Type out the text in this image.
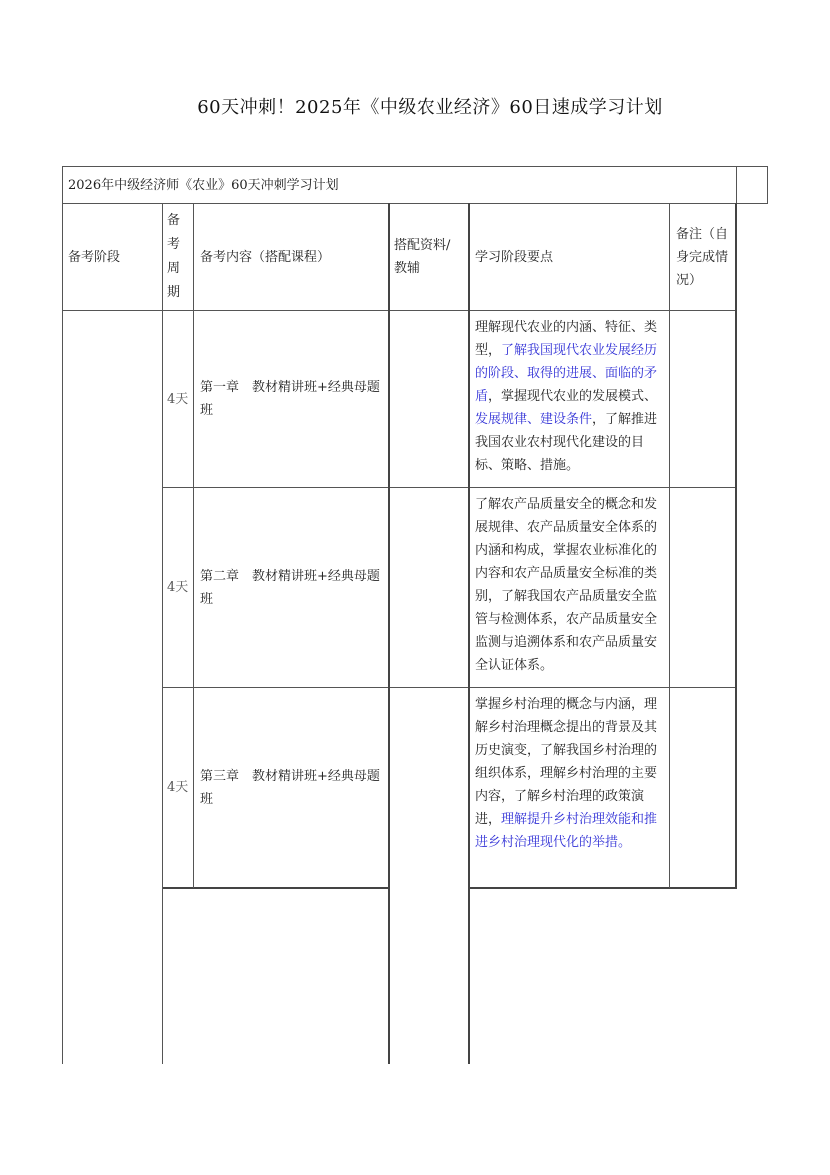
60天冲刺！2025年《中级农业经济》60日速成学习计划
2026年中级经济师《农业》60天冲刺学习计划
备考阶段
备考周期
备考内容（搭配课程）
搭配资料/教辅
学习阶段要点
备注（自身完成情况）
4天
第一章　教材精讲班+经典母题班
理解现代农业的内涵、特征、类型，了解我国现代农业发展经历的阶段、取得的进展、面临的矛盾，掌握现代农业的发展模式、发展规律、建设条件，了解推进我国农业农村现代化建设的目标、策略、措施。
4天
第二章　教材精讲班+经典母题班
了解农产品质量安全的概念和发展规律、农产品质量安全体系的内涵和构成，掌握农业标准化的内容和农产品质量安全标准的类别，了解我国农产品质量安全监管与检测体系，农产品质量安全监测与追溯体系和农产品质量安全认证体系。
4天
第三章　教材精讲班+经典母题班
掌握乡村治理的概念与内涵，理解乡村治理概念提出的背景及其历史演变，了解我国乡村治理的组织体系，理解乡村治理的主要内容，了解乡村治理的政策演进，理解提升乡村治理效能和推进乡村治理现代化的举措。
